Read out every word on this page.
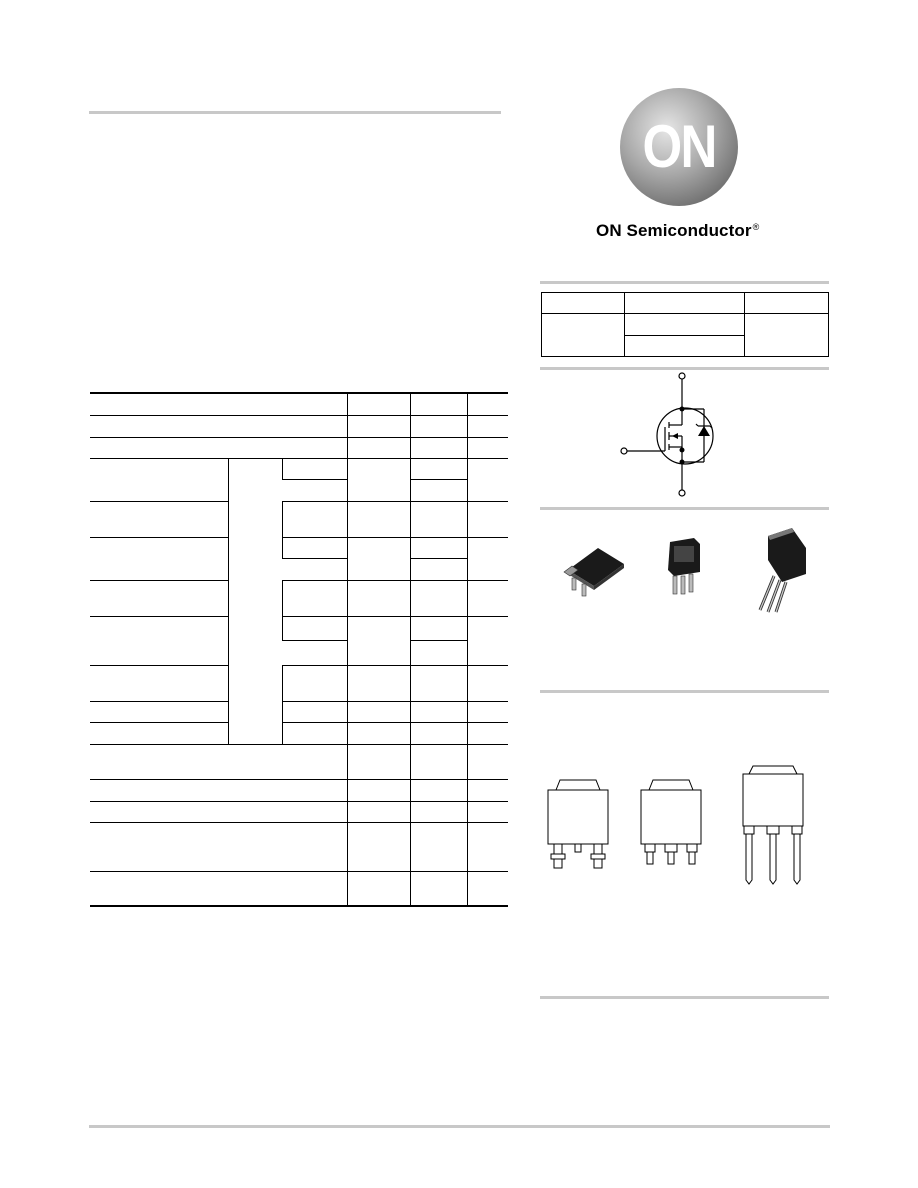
ON
ON Semiconductor®
